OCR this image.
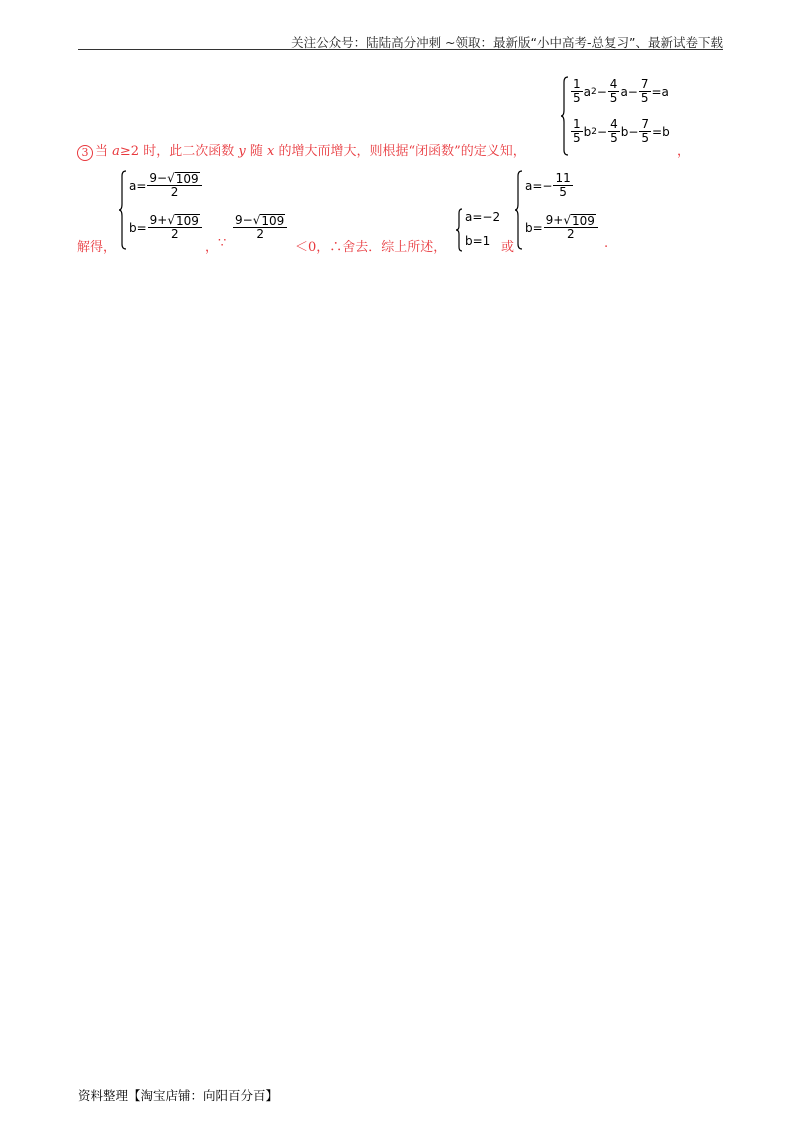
关注公众号：陆陆高分冲刺 ~领取：最新版“小中高考-总复习”、最新试卷下载
3 当 a≥2 时，此二次函数 y 随 x 的增大而增大，则根据“闭函数”的定义知，
$\frac{1}{5}$ a $2 - \frac{4}{5} a- \frac{7}{5} =a$
$\frac{1}{5}$ b $2 - \frac{4}{5} b- \frac{7}{5} =b$
，
解得，
$a= \frac{9- √ 109}{2}$
$b= \frac{9+ √ 109}{2}$
， ∵
$\frac{9- √ 109}{2}$
＜0，∴舍去．综上所述，
a=−2
b=1 或
$a=- \frac{11}{5}$
$b= \frac{9+ √ 109}{2}$
.
资料整理【淘宝店铺：向阳百分百】
